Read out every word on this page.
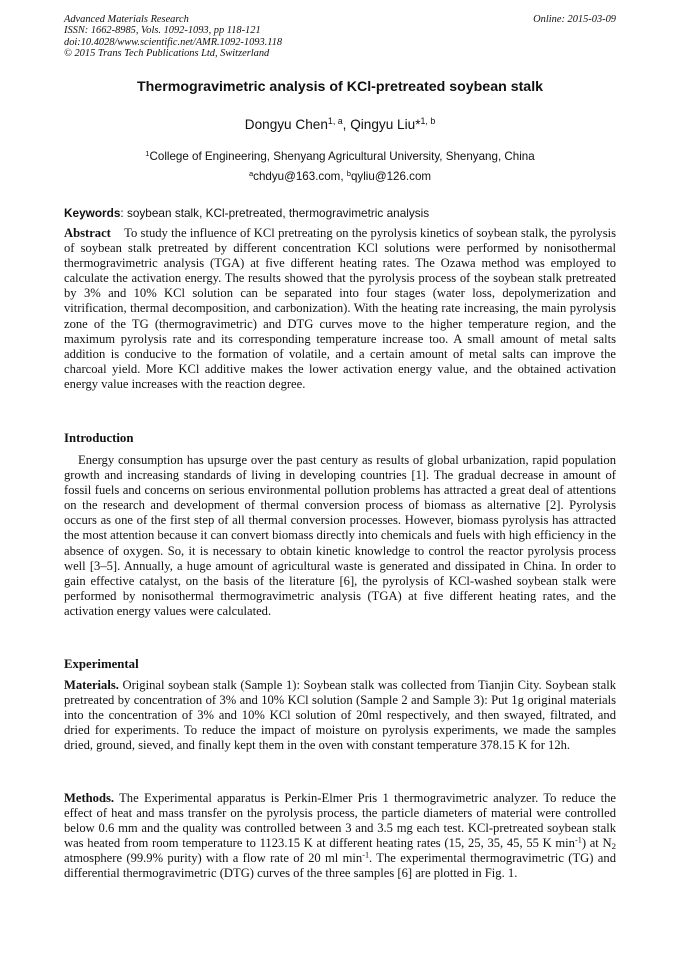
Advanced Materials Research
ISSN: 1662-8985, Vols. 1092-1093, pp 118-121
doi:10.4028/www.scientific.net/AMR.1092-1093.118
© 2015 Trans Tech Publications Ltd, Switzerland
Online: 2015-03-09
Thermogravimetric analysis of KCl-pretreated soybean stalk
Dongyu Chen$^{1, a}$, Qingyu Liu*$^{1, b}$
$^1$College of Engineering, Shenyang Agricultural University, Shenyang, China
$^a$chdyu@163.com, $^b$qyliu@126.com
Keywords: soybean stalk, KCl-pretreated, thermogravimetric analysis

Abstract To study the influence of KCl pretreating on the pyrolysis kinetics of soybean stalk, the pyrolysis of soybean stalk pretreated by different concentration KCl solutions were performed by nonisothermal thermogravimetric analysis (TGA) at five different heating rates. The Ozawa method was employed to calculate the activation energy. The results showed that the pyrolysis process of the soybean stalk pretreated by 3% and 10% KCl solution can be separated into four stages (water loss, depolymerization and vitrification, thermal decomposition, and carbonization). With the heating rate increasing, the main pyrolysis zone of the TG (thermogravimetric) and DTG curves move to the higher temperature region, and the maximum pyrolysis rate and its corresponding temperature increase too. A small amount of metal salts addition is conducive to the formation of volatile, and a certain amount of metal salts can improve the charcoal yield. More KCl additive makes the lower activation energy value, and the obtained activation energy value increases with the reaction degree.

Introduction

Energy consumption has upsurge over the past century as results of global urbanization, rapid population growth and increasing standards of living in developing countries [1]. The gradual decrease in amount of fossil fuels and concerns on serious environmental pollution problems has attracted a great deal of attentions on the research and development of thermal conversion process of biomass as alternative [2]. Pyrolysis occurs as one of the first step of all thermal conversion processes. However, biomass pyrolysis has attracted the most attention because it can convert biomass directly into chemicals and fuels with high efficiency in the absence of oxygen. So, it is necessary to obtain kinetic knowledge to control the reactor pyrolysis process well [3–5]. Annually, a huge amount of agricultural waste is generated and dissipated in China. In order to gain effective catalyst, on the basis of the literature [6], the pyrolysis of KCl-washed soybean stalk were performed by nonisothermal thermogravimetric analysis (TGA) at five different heating rates, and the activation energy values were calculated.

Experimental

Materials. Original soybean stalk (Sample 1): Soybean stalk was collected from Tianjin City. Soybean stalk pretreated by concentration of 3% and 10% KCl solution (Sample 2 and Sample 3): Put 1g original materials into the concentration of 3% and 10% KCl solution of 20ml respectively, and then swayed, filtrated, and dried for experiments. To reduce the impact of moisture on pyrolysis experiments, we made the samples dried, ground, sieved, and finally kept them in the oven with constant temperature 378.15 K for 12h.

Methods. The Experimental apparatus is Perkin-Elmer Pris 1 thermogravimetric analyzer. To reduce the effect of heat and mass transfer on the pyrolysis process, the particle diameters of material were controlled below 0.6 mm and the quality was controlled between 3 and 3.5 mg each test. KCl-pretreated soybean stalk was heated from room temperature to 1123.15 K at different heating rates (15, 25, 35, 45, 55 K $\min^{-1}$) at $N_2$ atmosphere (99.9% purity) with a flow rate of 20 ml $\min^{-1}$. The experimental thermogravimetric (TG) and differential thermogravimetric (DTG) curves of the three samples [6] are plotted in Fig. 1.
